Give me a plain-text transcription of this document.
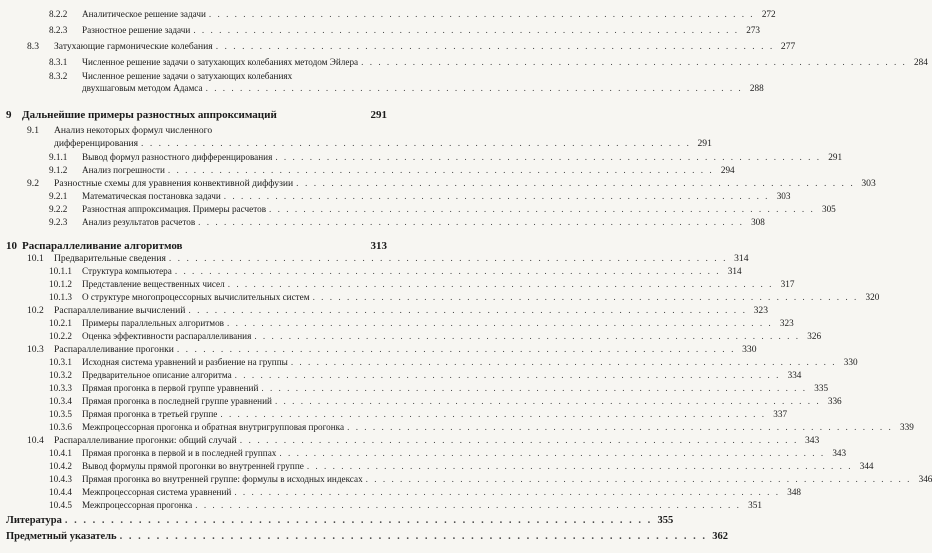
8.2.2	Аналитическое решение задачи . . .	272
8.2.3	Разностное решение задачи . . .	273
8.3	Затухающие гармонические колебания . . .	277
8.3.1	Численное решение задачи о затухающих колебаниях методом Эйлера . . .	284
8.3.2	Численное решение задачи о затухающих колебаниях
двухшаговым методом Адамса . . .	288
9 Дальнейшие примеры разностных аппроксимаций	291
9.1	Анализ некоторых формул численного
дифференцирования . . .	291
9.1.1	Вывод формул разностного дифференцирования . . .	291
9.1.2	Анализ погрешности . . .	294
9.2	Разностные схемы для уравнения конвективной диффузии . . .	303
9.2.1	Математическая постановка задачи . . .	303
9.2.2	Разностная аппроксимация. Примеры расчетов . . .	305
9.2.3	Анализ результатов расчетов . . .	308
10 Распараллеливание алгоритмов	313
10.1	Предварительные сведения . . .	314
10.1.1	Структура компьютера . . .	314
10.1.2	Представление вещественных чисел . . .	317
10.1.3	О структуре многопроцессорных вычислительных систем . . .	320
10.2	Распараллеливание вычислений . . .	323
10.2.1	Примеры параллельных алгоритмов . . .	323
10.2.2	Оценка эффективности распараллеливания . . .	326
10.3	Распараллеливание прогонки . . .	330
10.3.1	Исходная система уравнений и разбиение на группы . . .	330
10.3.2	Предварительное описание алгоритма . . .	334
10.3.3	Прямая прогонка в первой группе уравнений . . .	335
10.3.4	Прямая прогонка в последней группе уравнений . . .	336
10.3.5	Прямая прогонка в третьей группе . . .	337
10.3.6	Межпроцессорная прогонка и обратная внутригрупповая прогонка . . .	339
10.4	Распараллеливание прогонки: общий случай . . .	343
10.4.1	Прямая прогонка в первой и в последней группах . . .	343
10.4.2	Вывод формулы прямой прогонки во внутренней группе . . .	344
10.4.3	Прямая прогонка во внутренней группе: формулы в исходных индексах . . .	346
10.4.4	Межпроцессорная система уравнений . . .	348
10.4.5	Межпроцессорная прогонка . . .	351
Литература . . .	355
Предметный указатель . . .	362
